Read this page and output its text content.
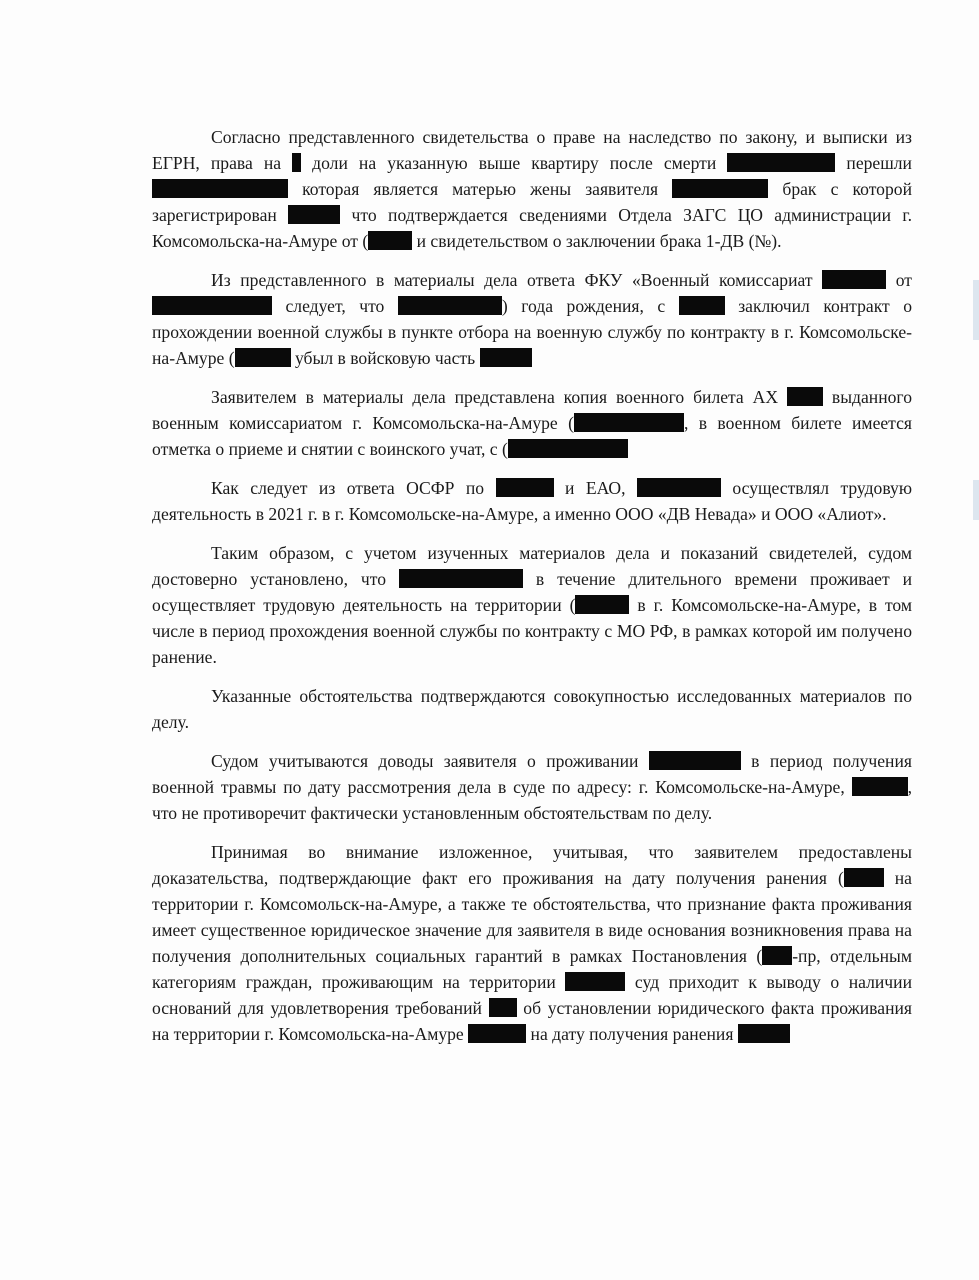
Согласно представленного свидетельства о праве на наследство по закону, и выписки из ЕГРН, права на  доли на указанную выше квартиру после смерти	перешли  которая является матерью жены заявителя	брак с которой зарегистрирован	что подтверждается сведениями Отдела ЗАГС ЦО администрации г. Комсомольска-на-Амуре от (	и свидетельством о заключении брака 1-ДВ (№).

Из представленного в материалы дела ответа ФКУ «Военный комиссариат	от  следует, что	) года рождения, с	заключил контракт о прохождении военной службы в пункте отбора на военную службу по контракту в г. Комсомольске-на-Амуре (	убыл в войсковую часть

Заявителем в материалы дела представлена копия военного билета АХ  выданного военным комиссариатом г. Комсомольска-на-Амуре (	, в военном билете имеется отметка о приеме и снятии с воинского учат, с (

Как следует из ответа ОСФР по	и ЕАО,	осуществлял трудовую деятельность в 2021 г. в г. Комсомольске-на-Амуре, а именно ООО «ДВ Невада» и ООО «Алиот».

Таким образом, с учетом изученных материалов дела и показаний свидетелей, судом достоверно установлено, что	в течение длительного времени проживает и осуществляет трудовую деятельность на территории (	в г. Комсомольске-на-Амуре, в том числе в период прохождения военной службы по контракту с МО РФ, в рамках которой им получено ранение.

Указанные обстоятельства подтверждаются совокупностью исследованных материалов по делу.

Судом учитываются доводы заявителя о проживании	в период получения военной травмы по дату рассмотрения дела в суде по адресу: г. Комсомольске-на-Амуре,	, что не противоречит фактически установленным обстоятельствам по делу.

Принимая во внимание изложенное, учитывая, что заявителем предоставлены доказательства, подтверждающие факт его проживания на дату получения ранения ( на территории г. Комсомольск-на-Амуре, а также те обстоятельства, что признание факта проживания имеет существенное юридическое значение для заявителя в виде основания возникновения права на получения дополнительных социальных гарантий в рамках Постановления ( -пр, отдельным категориям граждан, проживающим на территории	суд приходит к выводу о наличии оснований для удовлетворения требований  об установлении юридического факта проживания на территории г. Комсомольска-на-Амуре	на дату получения ранения
